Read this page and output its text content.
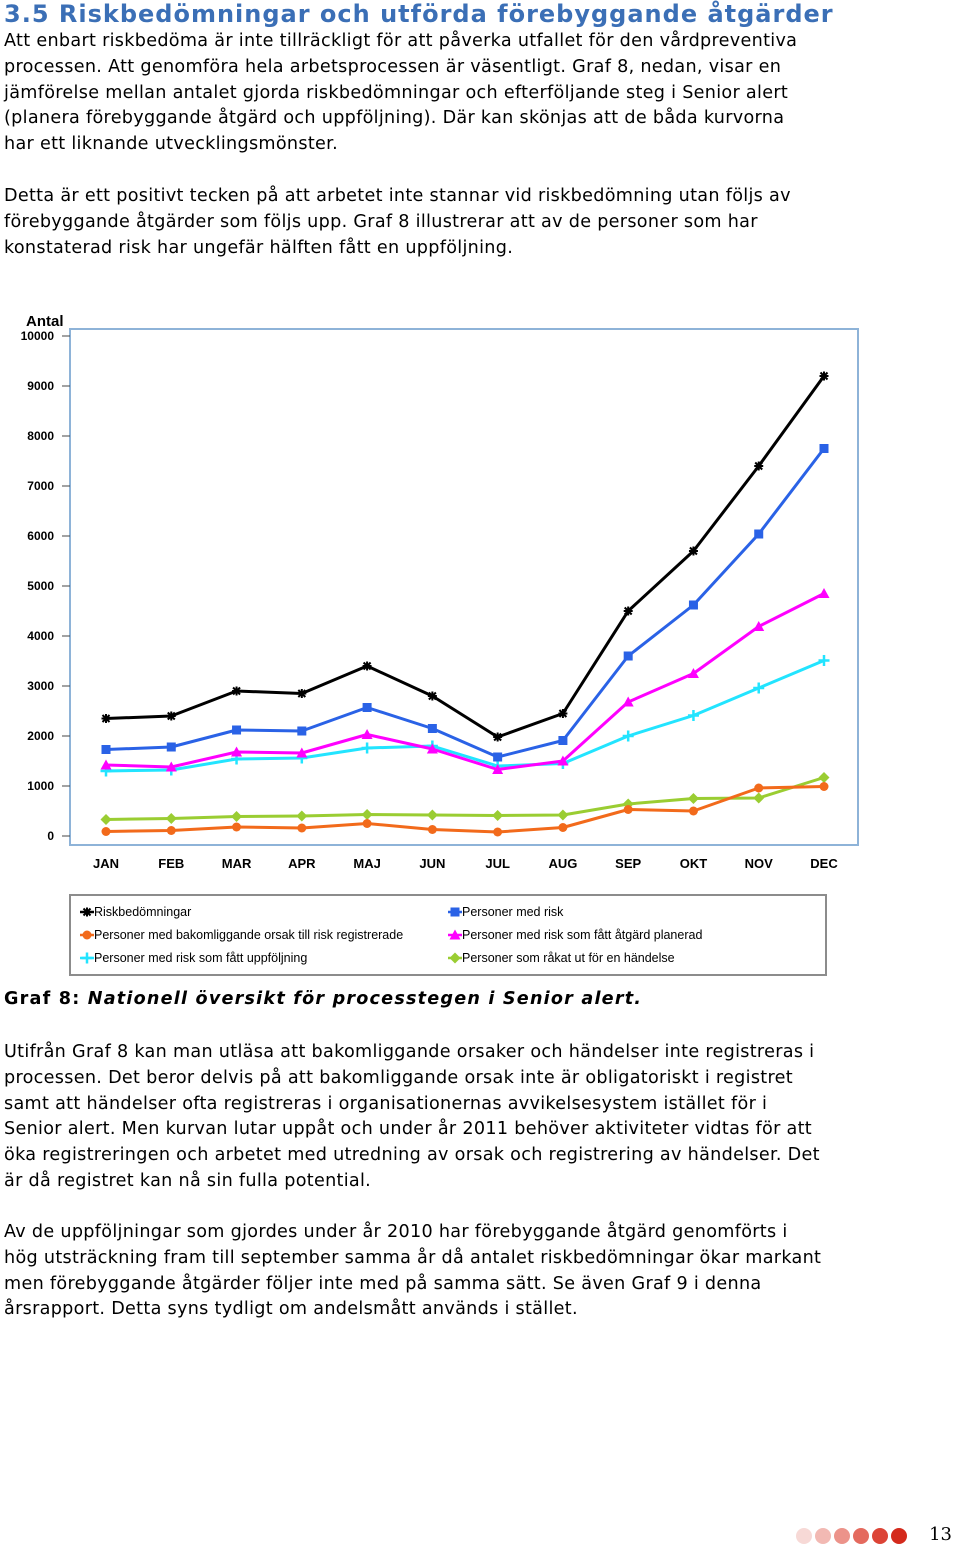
3.5 Riskbedömningar och utförda förebyggande åtgärder
Att enbart riskbedöma är inte tillräckligt för att påverka utfallet för den vårdpreventiva
processen. Att genomföra hela arbetsprocessen är väsentligt. Graf 8, nedan, visar en
jämförelse mellan antalet gjorda riskbedömningar och efterföljande steg i Senior alert
(planera förebyggande åtgärd och uppföljning). Där kan skönjas att de båda kurvorna
har ett liknande utvecklingsmönster.
Detta är ett positivt tecken på att arbetet inte stannar vid riskbedömning utan följs av
förebyggande åtgärder som följs upp. Graf 8 illustrerar att av de personer som har
konstaterad risk har ungefär hälften fått en uppföljning.
Antal
0
1000
2000
3000
4000
5000
6000
7000
8000
9000
10000
JAN	FEB	MAR	APR	MAJ	JUN	JUL	AUG	SEP	OKT	NOV	DEC
Riskbedömningar	Personer med risk
Personer med bakomliggande orsak till risk registrerade	Personer med risk som fått åtgärd planerad
Personer med risk som fått uppföljning	Personer som råkat ut för en händelse

Graf 8: Nationell översikt för processtegen i Senior alert.

Utifrån Graf 8 kan man utläsa att bakomliggande orsaker och händelser inte registreras i
processen. Det beror delvis på att bakomliggande orsak inte är obligatoriskt i registret
samt att händelser ofta registreras i organisationernas avvikelsesystem istället för i
Senior alert. Men kurvan lutar uppåt och under år 2011 behöver aktiviteter vidtas för att
öka registreringen och arbetet med utredning av orsak och registrering av händelser. Det
är då registret kan nå sin fulla potential.
Av de uppföljningar som gjordes under år 2010 har förebyggande åtgärd genomförts i
hög utsträckning fram till september samma år då antalet riskbedömningar ökar markant
men förebyggande åtgärder följer inte med på samma sätt. Se även Graf 9 i denna
årsrapport. Detta syns tydligt om andelsmått används i stället.
13
